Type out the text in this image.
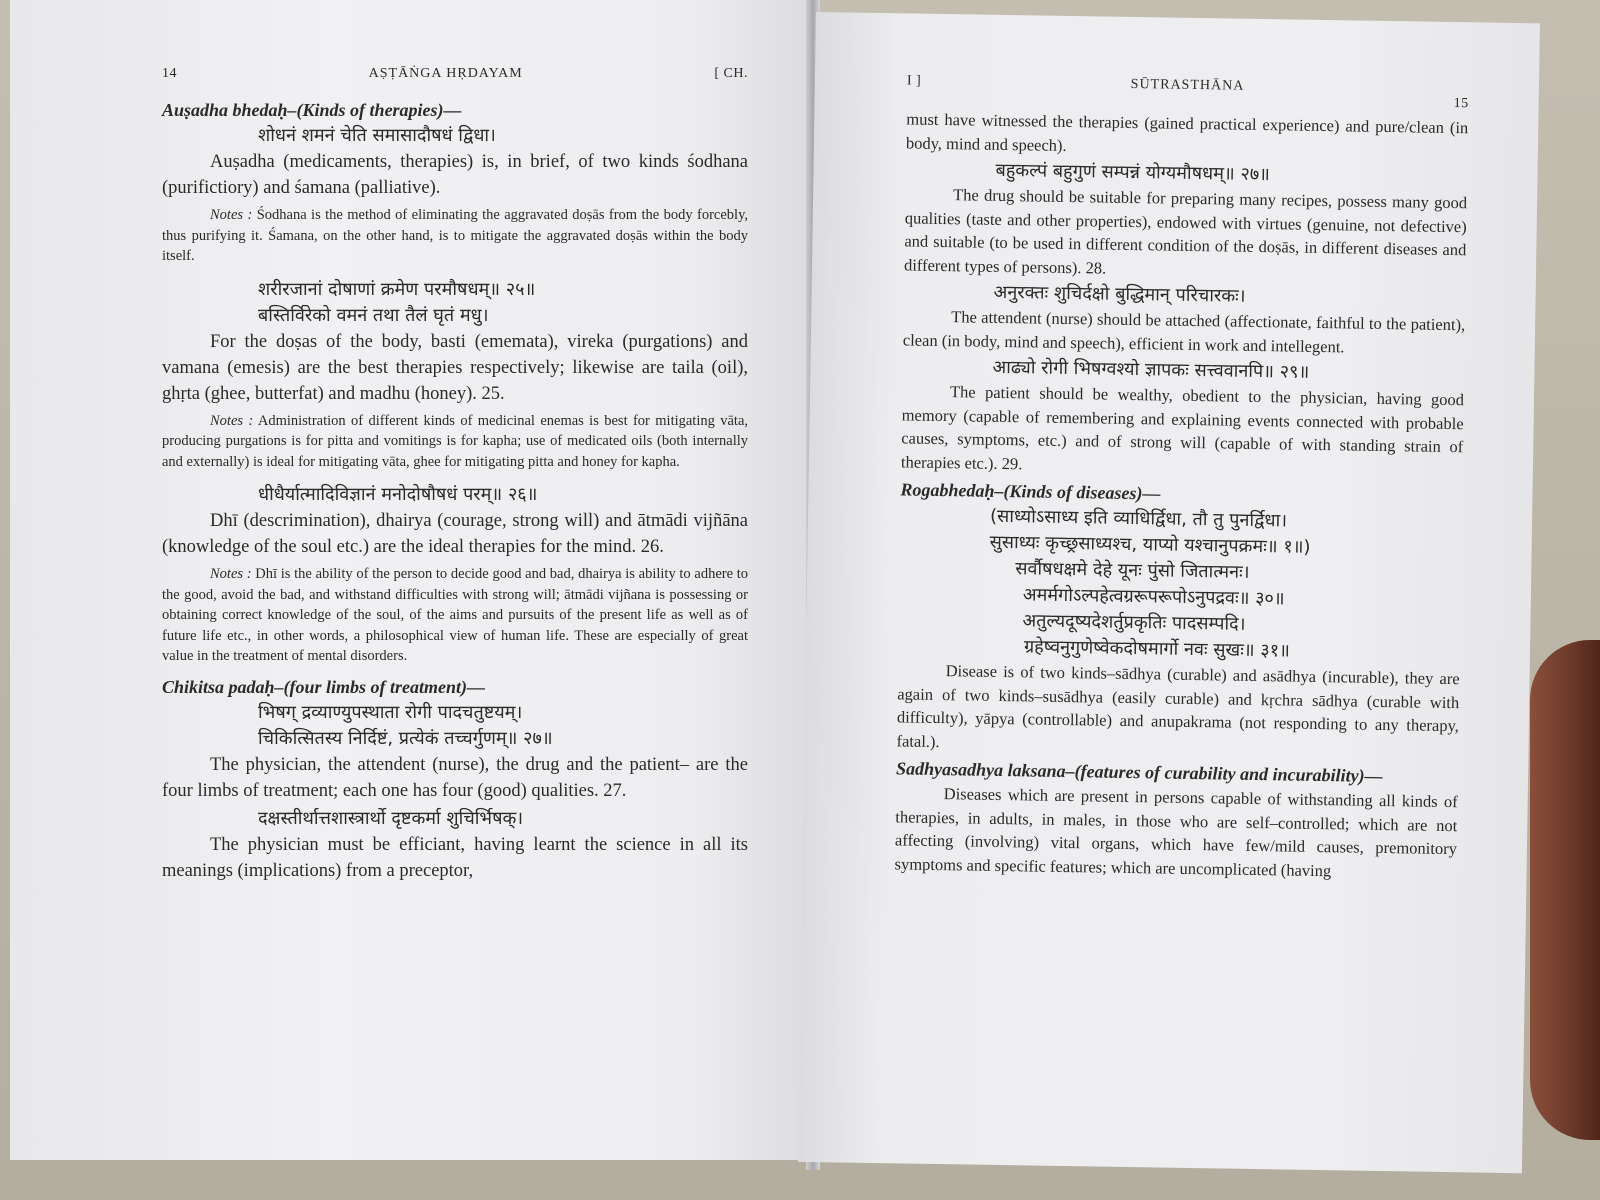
14	AṢṬĀṄGA HṚDAYAM	[ CH.
Auṣadha bhedaḥ–(Kinds of therapies)—
शोधनं शमनं चेति समासादौषधं द्विधा।

Auṣadha (medicaments, therapies) is, in brief, of two kinds śodhana (purifictiory) and śamana (palliative).

Notes : Śodhana is the method of eliminating the aggravated doṣās from the body forcebly, thus purifying it. Śamana, on the other hand, is to mitigate the aggravated doṣās within the body itself.

शरीरजानां दोषाणां क्रमेण परमौषधम्॥ २५॥
बस्तिर्विरेको वमनं तथा तैलं घृतं मधु।

For the doṣas of the body, basti (ememata), vireka (purgations) and vamana (emesis) are the best therapies respectively; likewise are taila (oil), ghṛta (ghee, butterfat) and madhu (honey). 25.

Notes : Administration of different kinds of medicinal enemas is best for mitigating vāta, producing purgations is for pitta and vomitings is for kapha; use of medicated oils (both internally and externally) is ideal for mitigating vāta, ghee for mitigating pitta and honey for kapha.

धीधैर्यात्मादिविज्ञानं मनोदोषौषधं परम्॥ २६॥

Dhī (descrimination), dhairya (courage, strong will) and ātmādi vijñāna (knowledge of the soul etc.) are the ideal therapies for the mind. 26.

Notes : Dhī is the ability of the person to decide good and bad, dhairya is ability to adhere to the good, avoid the bad, and withstand difficulties with strong will; ātmādi vijñana is possessing or obtaining correct knowledge of the soul, of the aims and pursuits of the present life as well as of future life etc., in other words, a philosophical view of human life. These are especially of great value in the treatment of mental disorders.

Chikitsa padaḥ–(four limbs of treatment)—
भिषग् द्रव्याण्युपस्थाता रोगी पादचतुष्टयम्।
चिकित्सितस्य निर्दिष्टं, प्रत्येकं तच्चर्गुणम्॥ २७॥

The physician, the attendent (nurse), the drug and the patient– are the four limbs of treatment; each one has four (good) qualities. 27.

दक्षस्तीर्थात्तशास्त्रार्थो दृष्टकर्मा शुचिर्भिषक्।

The physician must be efficiant, having learnt the science in all its meanings (implications) from a preceptor,

I ]	SŪTRASTHĀNA
15

must have witnessed the therapies (gained practical experience) and pure/clean (in body, mind and speech).

बहुकल्पं बहुगुणं सम्पन्नं योग्यमौषधम्॥ २७॥

The drug should be suitable for preparing many recipes, possess many good qualities (taste and other properties), endowed with virtues (genuine, not defective) and suitable (to be used in different condition of the doṣās, in different diseases and different types of persons). 28.

अनुरक्तः शुचिर्दक्षो बुद्धिमान् परिचारकः।

The attendent (nurse) should be attached (affectionate, faithful to the patient), clean (in body, mind and speech), efficient in work and intellegent.

आढ्यो रोगी भिषग्वश्यो ज्ञापकः सत्त्ववानपि॥ २९॥

The patient should be wealthy, obedient to the physician, having good memory (capable of remembering and explaining events connected with probable causes, symptoms, etc.) and of strong will (capable of with standing strain of therapies etc.). 29.

Rogabhedaḥ–(Kinds of diseases)—
(साध्योऽसाध्य इति व्याधिर्द्विधा, तौ तु पुनर्द्विधा।
सुसाध्यः कृच्छ्रसाध्यश्च, याप्यो यश्चानुपक्रमः॥ १॥)
सर्वौषधक्षमे देहे यूनः पुंसो जितात्मनः।
अमर्मगोऽल्पहेत्वग्ररूपरूपोऽनुपद्रवः॥ ३०॥
अतुल्यदूष्यदेशर्तुप्रकृतिः पादसम्पदि।
ग्रहेष्वनुगुणेष्वेकदोषमार्गो नवः सुखः॥ ३१॥

Disease is of two kinds–sādhya (curable) and asādhya (incurable), they are again of two kinds–susādhya (easily curable) and kṛchra sādhya (curable with difficulty), yāpya (controllable) and anupakrama (not responding to any therapy, fatal.).

Sadhyasadhya laksana–(features of curability and incurability)—

Diseases which are present in persons capable of withstanding all kinds of therapies, in adults, in males, in those who are self–controlled; which are not affecting (involving) vital organs, which have few/mild causes, premonitory symptoms and specific features; which are uncomplicated (having
